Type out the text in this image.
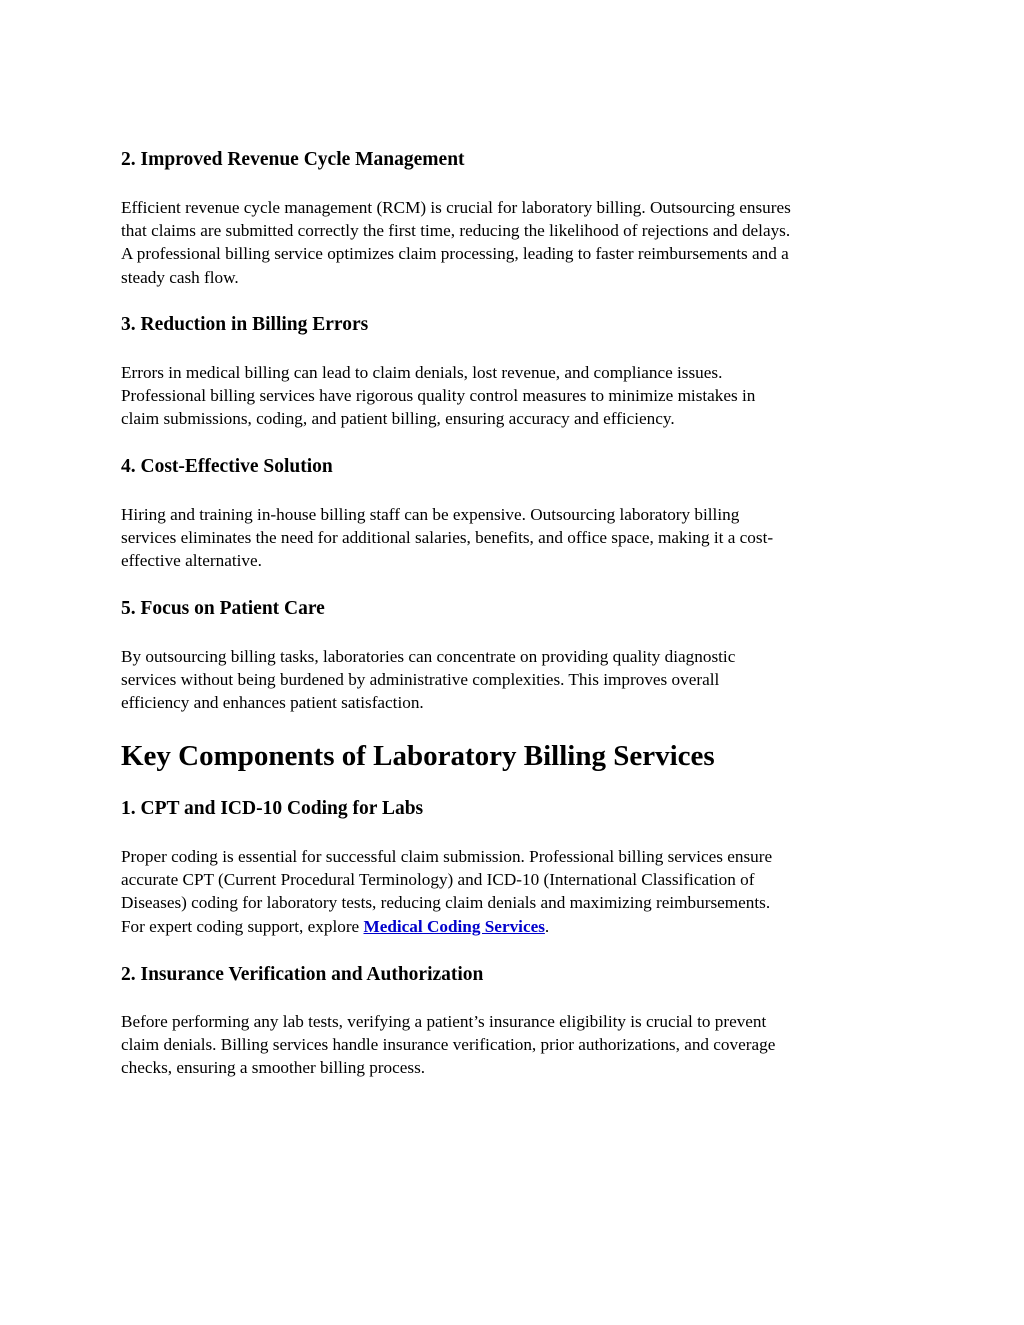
2. Improved Revenue Cycle Management

Efficient revenue cycle management (RCM) is crucial for laboratory billing. Outsourcing ensures
that claims are submitted correctly the first time, reducing the likelihood of rejections and delays.
A professional billing service optimizes claim processing, leading to faster reimbursements and a
steady cash flow.

3. Reduction in Billing Errors

Errors in medical billing can lead to claim denials, lost revenue, and compliance issues.
Professional billing services have rigorous quality control measures to minimize mistakes in
claim submissions, coding, and patient billing, ensuring accuracy and efficiency.

4. Cost-Effective Solution

Hiring and training in-house billing staff can be expensive. Outsourcing laboratory billing
services eliminates the need for additional salaries, benefits, and office space, making it a cost-
effective alternative.

5. Focus on Patient Care

By outsourcing billing tasks, laboratories can concentrate on providing quality diagnostic
services without being burdened by administrative complexities. This improves overall
efficiency and enhances patient satisfaction.

Key Components of Laboratory Billing Services
1. CPT and ICD-10 Coding for Labs

Proper coding is essential for successful claim submission. Professional billing services ensure
accurate CPT (Current Procedural Terminology) and ICD-10 (International Classification of
Diseases) coding for laboratory tests, reducing claim denials and maximizing reimbursements.
For expert coding support, explore Medical Coding Services.

2. Insurance Verification and Authorization

Before performing any lab tests, verifying a patient’s insurance eligibility is crucial to prevent
claim denials. Billing services handle insurance verification, prior authorizations, and coverage
checks, ensuring a smoother billing process.
